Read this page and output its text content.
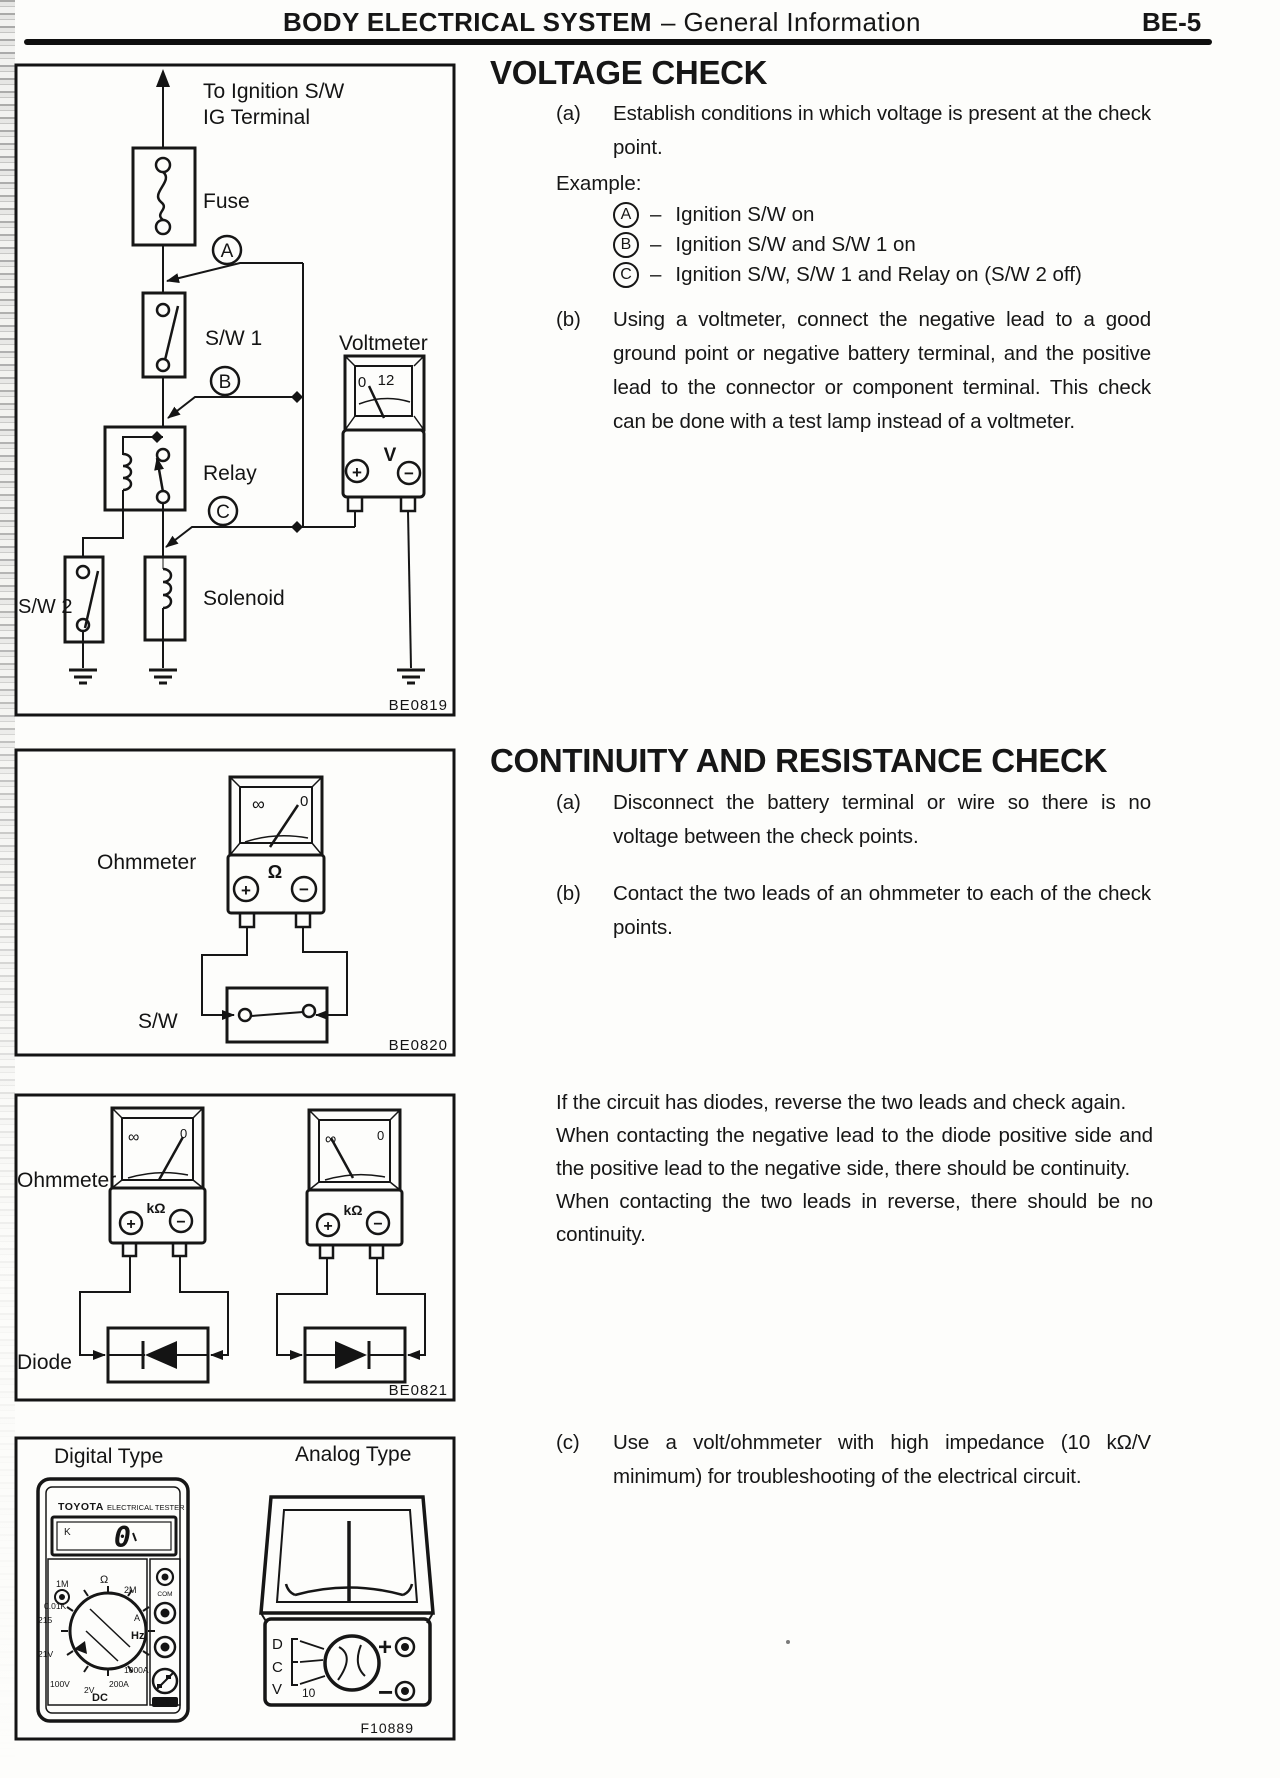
BODY ELECTRICAL SYSTEM – General Information	BE-5
A
B
C
0 12
V
+ −
To Ignition S/W
IG Terminal
Fuse
S/W 1	Voltmeter
Relay
S/W 2	Solenoid
BE0819
∞ 0
Ω
+	−
Ohmmeter
S/W
BE0820
∞	0
kΩ
+	−
∞	0
kΩ
+	−
Ohmmeter
Diode
BE0821
Digital Type	Analog Type
TOYOTA ELECTRICAL TESTER
K 0
1M	Ω
2M
0.01K
215	A
Hz
1000A
200A
2V
100V
21V
DC
COM
FUSE
D
C
V 10
+
−
F10889
VOLTAGE CHECK
(a)	Establish conditions in which voltage is present at the check point.

Example:
A – Ignition S/W on
B – Ignition S/W and S/W 1 on
C – Ignition S/W, S/W 1 and Relay on (S/W 2 off)
(b)	Using a voltmeter, connect the negative lead to a good ground point or negative battery terminal, and the positive lead to the connector or component terminal. This check can be done with a test lamp instead of a voltmeter.

CONTINUITY AND RESISTANCE CHECK
(a)	Disconnect the battery terminal or wire so there is no voltage between the check points.

(b)	Contact the two leads of an ohmmeter to each of the check points.

If the circuit has diodes, reverse the two leads and check again.

When contacting the negative lead to the diode positive side and the positive lead to the negative side, there should be continuity.

When contacting the two leads in reverse, there should be no continuity.

(c)	Use a volt/ohmmeter with high impedance (10 kΩ/V minimum) for troubleshooting of the electrical circuit.
